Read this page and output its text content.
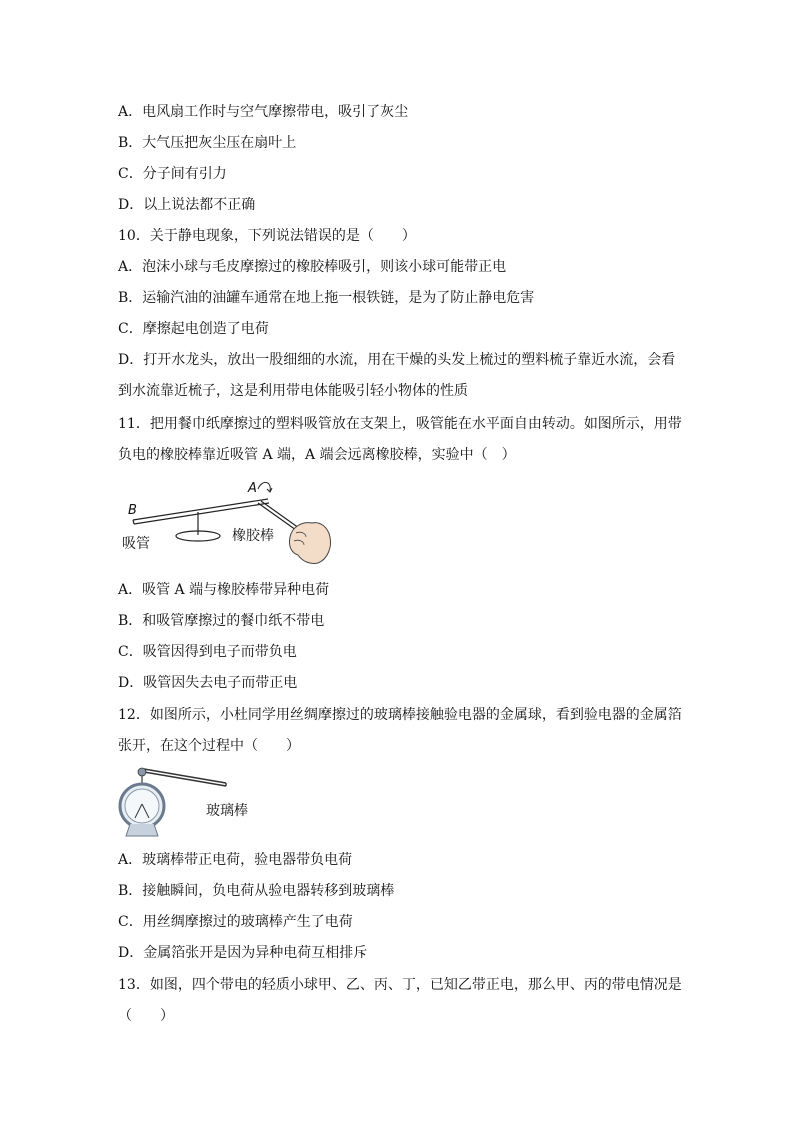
A．电风扇工作时与空气摩擦带电，吸引了灰尘
B．大气压把灰尘压在扇叶上
C．分子间有引力
D．以上说法都不正确
10．关于静电现象，下列说法错误的是（　　）
A．泡沫小球与毛皮摩擦过的橡胶棒吸引，则该小球可能带正电
B．运输汽油的油罐车通常在地上拖一根铁链，是为了防止静电危害
C．摩擦起电创造了电荷
D．打开水龙头，放出一股细细的水流，用在干燥的头发上梳过的塑料梳子靠近水流，会看
到水流靠近梳子，这是利用带电体能吸引轻小物体的性质
11．把用餐巾纸摩擦过的塑料吸管放在支架上，吸管能在水平面自由转动。如图所示，用带
负电的橡胶棒靠近吸管 A 端，A 端会远离橡胶棒，实验中（　）
B
A
吸管	橡胶棒
A．吸管 A 端与橡胶棒带异种电荷
B．和吸管摩擦过的餐巾纸不带电
C．吸管因得到电子而带负电
D．吸管因失去电子而带正电
12．如图所示，小杜同学用丝绸摩擦过的玻璃棒接触验电器的金属球，看到验电器的金属箔
张开，在这个过程中（　　）
玻璃棒
A．玻璃棒带正电荷，验电器带负电荷
B．接触瞬间，负电荷从验电器转移到玻璃棒
C．用丝绸摩擦过的玻璃棒产生了电荷
D．金属箔张开是因为异种电荷互相排斥
13．如图，四个带电的轻质小球甲、乙、丙、丁，已知乙带正电，那么甲、丙的带电情况是
（　　）
